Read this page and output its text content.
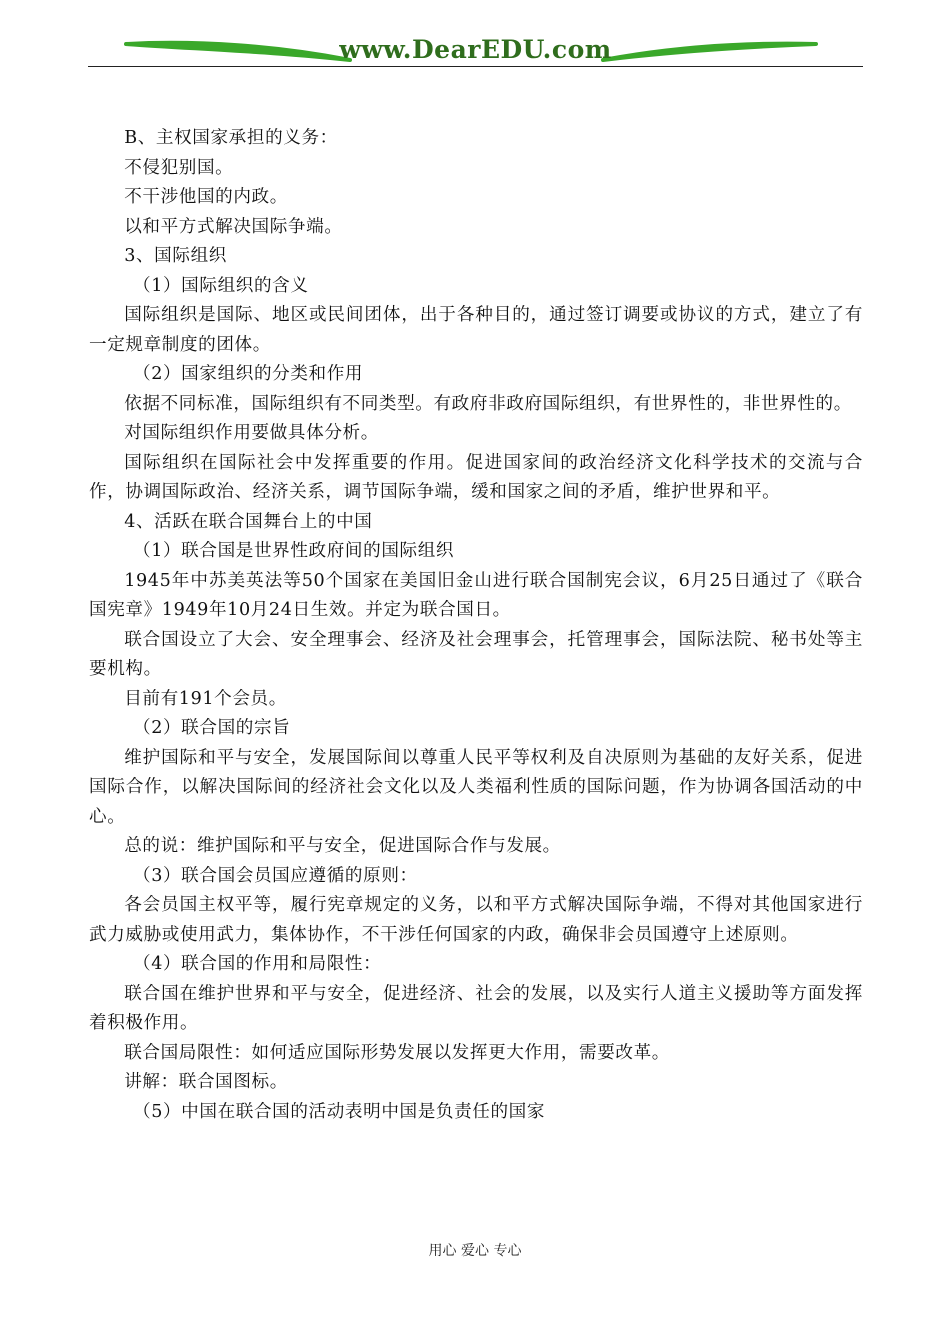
www.DearEDU.com

B、主权国家承担的义务：

不侵犯别国。

不干涉他国的内政。

以和平方式解决国际争端。

3、国际组织

（1）国际组织的含义

国际组织是国际、地区或民间团体，出于各种目的，通过签订调要或协议的方式，建立了有一定规章制度的团体。

（2）国家组织的分类和作用

依据不同标准，国际组织有不同类型。有政府非政府国际组织，有世界性的，非世界性的。

对国际组织作用要做具体分析。

国际组织在国际社会中发挥重要的作用。促进国家间的政治经济文化科学技术的交流与合作，协调国际政治、经济关系，调节国际争端，缓和国家之间的矛盾，维护世界和平。

4、活跃在联合国舞台上的中国

（1）联合国是世界性政府间的国际组织

1945年中苏美英法等50个国家在美国旧金山进行联合国制宪会议，6月25日通过了《联合国宪章》1949年10月24日生效。并定为联合国日。

联合国设立了大会、安全理事会、经济及社会理事会，托管理事会，国际法院、秘书处等主要机构。

目前有191个会员。

（2）联合国的宗旨

维护国际和平与安全，发展国际间以尊重人民平等权利及自决原则为基础的友好关系，促进国际合作，以解决国际间的经济社会文化以及人类福利性质的国际问题，作为协调各国活动的中心。

总的说：维护国际和平与安全，促进国际合作与发展。

（3）联合国会员国应遵循的原则：

各会员国主权平等，履行宪章规定的义务，以和平方式解决国际争端，不得对其他国家进行武力威胁或使用武力，集体协作，不干涉任何国家的内政，确保非会员国遵守上述原则。

（4）联合国的作用和局限性：

联合国在维护世界和平与安全，促进经济、社会的发展，以及实行人道主义援助等方面发挥着积极作用。

联合国局限性：如何适应国际形势发展以发挥更大作用，需要改革。

讲解：联合国图标。

（5）中国在联合国的活动表明中国是负责任的国家

用心 爱心 专心
